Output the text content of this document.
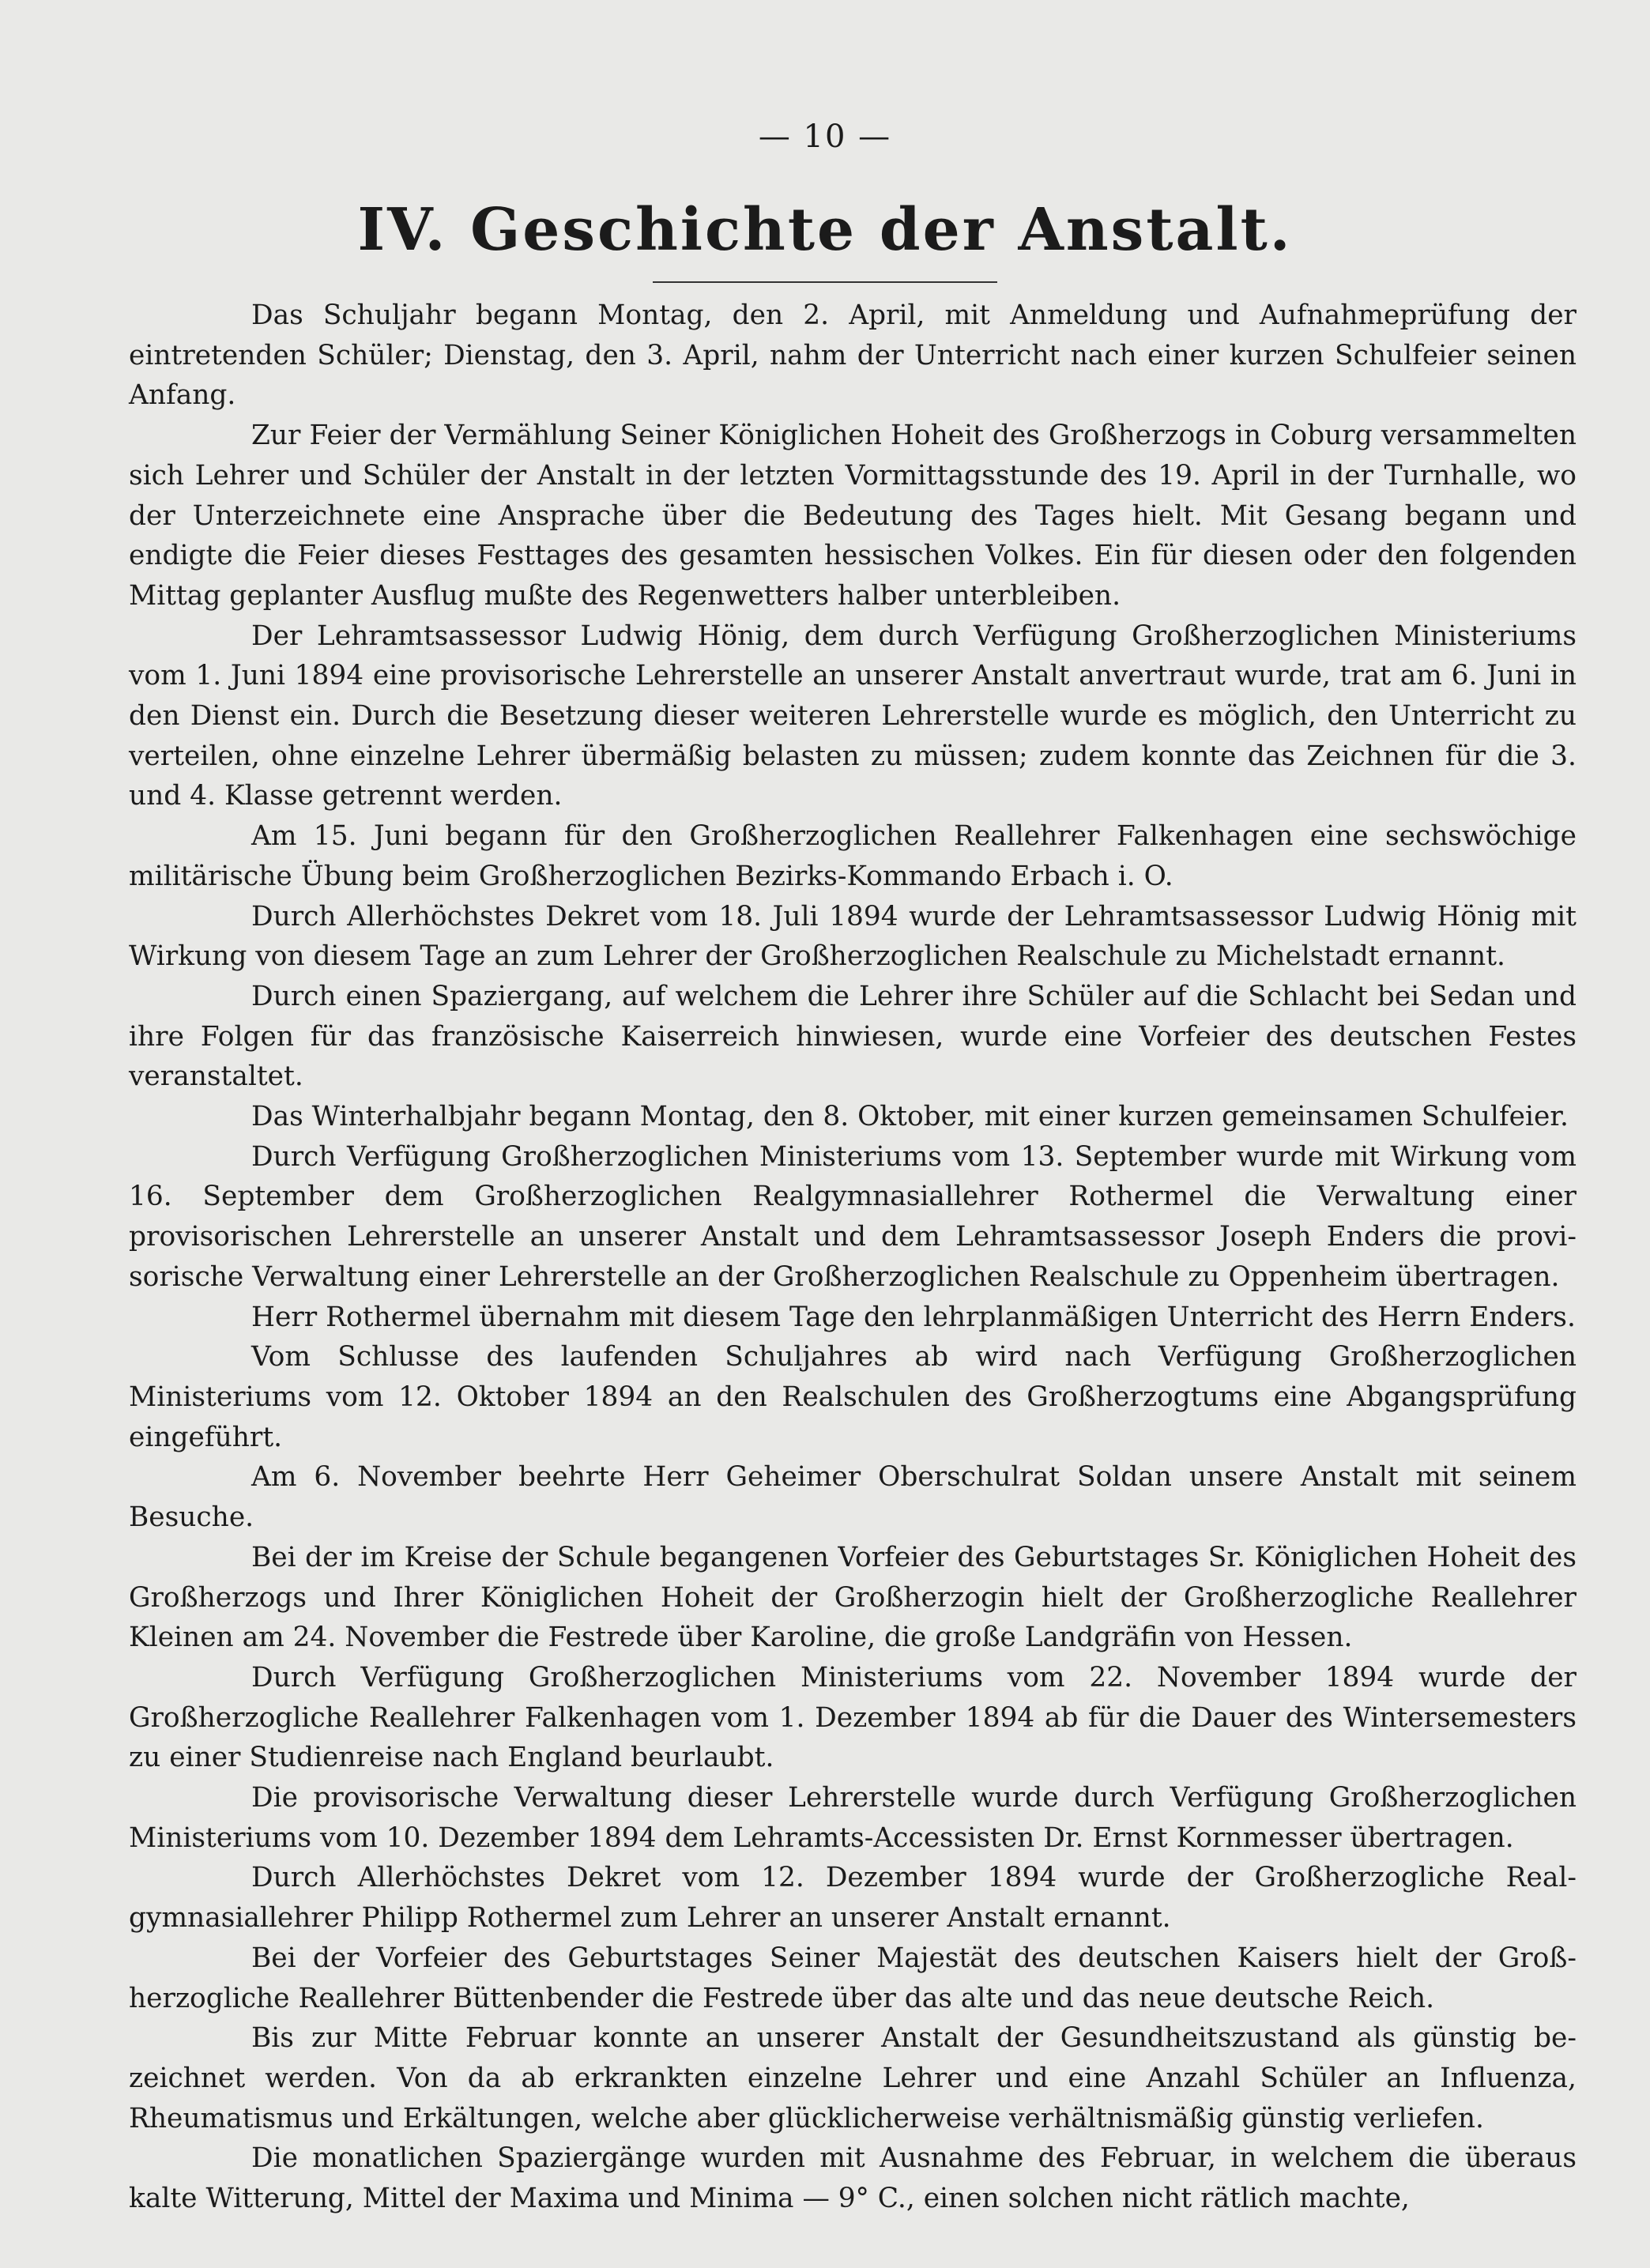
— 10 —
IV. Geschichte der Anstalt.

Das Schuljahr begann Montag, den 2. April, mit Anmeldung und Aufnahmeprüfung der eintretenden Schüler; Dienstag, den 3. April, nahm der Unterricht nach einer kurzen Schulfeier seinen Anfang.

Zur Feier der Vermählung Seiner Königlichen Hoheit des Großherzogs in Coburg versammelten sich Lehrer und Schüler der Anstalt in der letzten Vormittagsstunde des 19. April in der Turnhalle, wo der Unterzeichnete eine Ansprache über die Bedeutung des Tages hielt. Mit Gesang begann und endigte die Feier dieses Festtages des gesamten hessischen Volkes. Ein für diesen oder den folgenden Mittag geplanter Ausflug mußte des Regenwetters halber unterbleiben.

Der Lehramtsassessor Ludwig Hönig, dem durch Verfügung Großherzoglichen Ministeriums vom 1. Juni 1894 eine provisorische Lehrerstelle an unserer Anstalt anvertraut wurde, trat am 6. Juni in den Dienst ein. Durch die Besetzung dieser weiteren Lehrerstelle wurde es möglich, den Unterricht zu verteilen, ohne einzelne Lehrer übermäßig belasten zu müssen; zudem konnte das Zeichnen für die 3. und 4. Klasse getrennt werden.

Am 15. Juni begann für den Großherzoglichen Reallehrer Falkenhagen eine sechswöchige militärische Übung beim Großherzoglichen Bezirks-Kommando Erbach i. O.

Durch Allerhöchstes Dekret vom 18. Juli 1894 wurde der Lehramtsassessor Ludwig Hönig mit Wirkung von diesem Tage an zum Lehrer der Großherzoglichen Realschule zu Michelstadt ernannt.

Durch einen Spaziergang, auf welchem die Lehrer ihre Schüler auf die Schlacht bei Sedan und ihre Folgen für das französische Kaiserreich hinwiesen, wurde eine Vorfeier des deutschen Festes veranstaltet.

Das Winterhalbjahr begann Montag, den 8. Oktober, mit einer kurzen gemeinsamen Schulfeier.

Durch Verfügung Großherzoglichen Ministeriums vom 13. September wurde mit Wirkung vom 16. September dem Großherzoglichen Realgymnasiallehrer Rothermel die Verwaltung einer provisorischen Lehrerstelle an unserer Anstalt und dem Lehramtsassessor Joseph Enders die provisorische Verwaltung einer Lehrerstelle an der Großherzoglichen Realschule zu Oppenheim übertragen.

Herr Rothermel übernahm mit diesem Tage den lehrplanmäßigen Unterricht des Herrn Enders.

Vom Schlusse des laufenden Schuljahres ab wird nach Verfügung Großherzoglichen Ministeriums vom 12. Oktober 1894 an den Realschulen des Großherzogtums eine Abgangsprüfung eingeführt.

Am 6. November beehrte Herr Geheimer Oberschulrat Soldan unsere Anstalt mit seinem Besuche.

Bei der im Kreise der Schule begangenen Vorfeier des Geburtstages Sr. Königlichen Hoheit des Großherzogs und Ihrer Königlichen Hoheit der Großherzogin hielt der Großherzogliche Reallehrer Kleinen am 24. November die Festrede über Karoline, die große Landgräfin von Hessen.

Durch Verfügung Großherzoglichen Ministeriums vom 22. November 1894 wurde der Großherzogliche Reallehrer Falkenhagen vom 1. Dezember 1894 ab für die Dauer des Wintersemesters zu einer Studienreise nach England beurlaubt.

Die provisorische Verwaltung dieser Lehrerstelle wurde durch Verfügung Großherzoglichen Ministeriums vom 10. Dezember 1894 dem Lehramts-Accessisten Dr. Ernst Kornmesser übertragen.

Durch Allerhöchstes Dekret vom 12. Dezember 1894 wurde der Großherzogliche Realgymnasiallehrer Philipp Rothermel zum Lehrer an unserer Anstalt ernannt.

Bei der Vorfeier des Geburtstages Seiner Majestät des deutschen Kaisers hielt der Großherzogliche Reallehrer Büttenbender die Festrede über das alte und das neue deutsche Reich.

Bis zur Mitte Februar konnte an unserer Anstalt der Gesundheitszustand als günstig bezeichnet werden. Von da ab erkrankten einzelne Lehrer und eine Anzahl Schüler an Influenza, Rheumatismus und Erkältungen, welche aber glücklicherweise verhältnismäßig günstig verliefen.

Die monatlichen Spaziergänge wurden mit Ausnahme des Februar, in welchem die überaus kalte Witterung, Mittel der Maxima und Minima — 9° C., einen solchen nicht rätlich machte,
